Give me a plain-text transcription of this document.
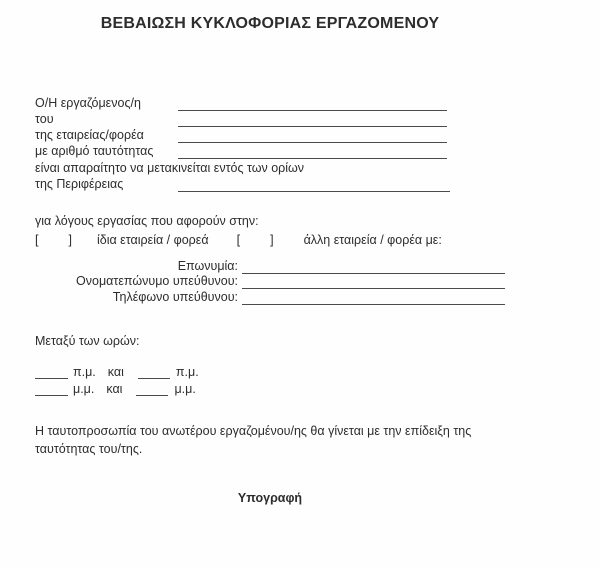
ΒΕΒΑΙΩΣΗ ΚΥΚΛΟΦΟΡΙΑΣ ΕΡΓΑΖΟΜΕΝΟΥ
Ο/Η εργαζόμενος/η
του
της εταιρείας/φορέα
με αριθμό ταυτότητας
είναι απαραίτητο να μετακινείται εντός των ορίων
της Περιφέρειας
για λόγους εργασίας που αφορούν στην:
[ ] ίδια εταιρεία / φορεά [ ] άλλη εταιρεία / φορέα με:
Επωνυμία:
Ονοματεπώνυμο υπεύθυνου:
Τηλέφωνο υπεύθυνου:
Μεταξύ των ωρών:
π.μ. και	π.μ.
μ.μ. και	μ.μ.
Η ταυτοπροσωπία του ανωτέρου εργαζομένου/ης θα γίνεται με την επίδειξη της
ταυτότητας του/της.
Υπογραφή
